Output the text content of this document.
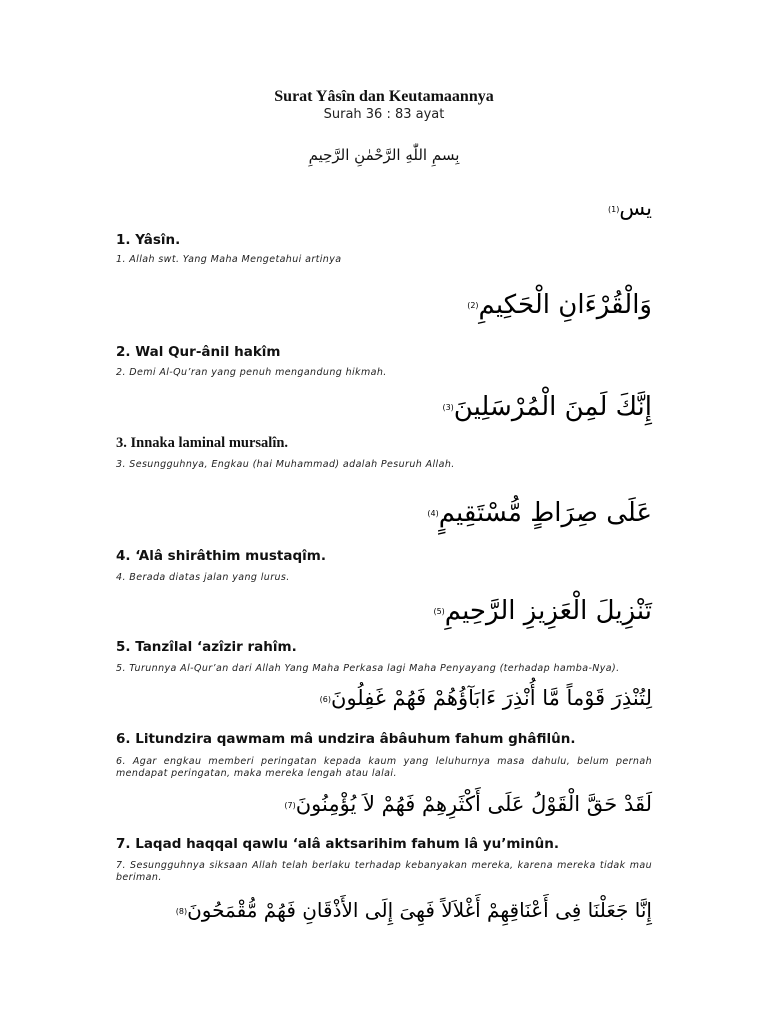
Surat Yâsîn dan Keutamaannya
Surah 36 : 83 ayat
بِسمِ اللّٰهِ الرَّحْمٰنِ الرَّحِيمِ
يس(1)
1. Yâsîn.
1. Allah swt. Yang Maha Mengetahui artinya
وَالْقُرْءَانِ الْحَكِيمِ(2)
2. Wal Qur-ânil hakîm
2. Demi Al-Qu’ran yang penuh mengandung hikmah.
إِنَّكَ لَمِنَ الْمُرْسَلِينَ(3)
3. Innaka laminal mursalîn.
3. Sesungguhnya, Engkau (hai Muhammad) adalah Pesuruh Allah.
عَلَى صِرَاطٍ مُّسْتَقِيمٍ(4)
4. ‘Alâ shirâthim mustaqîm.
4. Berada diatas jalan yang lurus.
تَنْزِيلَ الْعَزِيزِ الرَّحِيمِ(5)
5. Tanzîlal ‘azîzir rahîm.
5. Turunnya Al-Qur’an dari Allah Yang Maha Perkasa lagi Maha Penyayang (terhadap hamba-Nya).
لِتُنْذِرَ قَوْماً مَّا أُنْذِرَ ءَابَآؤُهُمْ فَهُمْ غَفِلُونَ(6)
6. Litundzira qawmam mâ undzira âbâuhum fahum ghâfilûn.
6. Agar engkau memberi peringatan kepada kaum yang leluhurnya masa dahulu, belum pernah mendapat peringatan, maka mereka lengah atau lalai.
لَقَدْ حَقَّ الْقَوْلُ عَلَى أَكْثَرِهِمْ فَهُمْ لاَ يُؤْمِنُونَ(7)
7. Laqad haqqal qawlu ‘alâ aktsarihim fahum lâ yu’minûn.
7. Sesungguhnya siksaan Allah telah berlaku terhadap kebanyakan mereka, karena mereka tidak mau beriman.
إِنَّا جَعَلْنَا فِى أَعْنَاقِهِمْ أَغْلاَلاً فَهِىَ إِلَى الأَذْقَانِ فَهُمْ مُّقْمَحُونَ(8)
